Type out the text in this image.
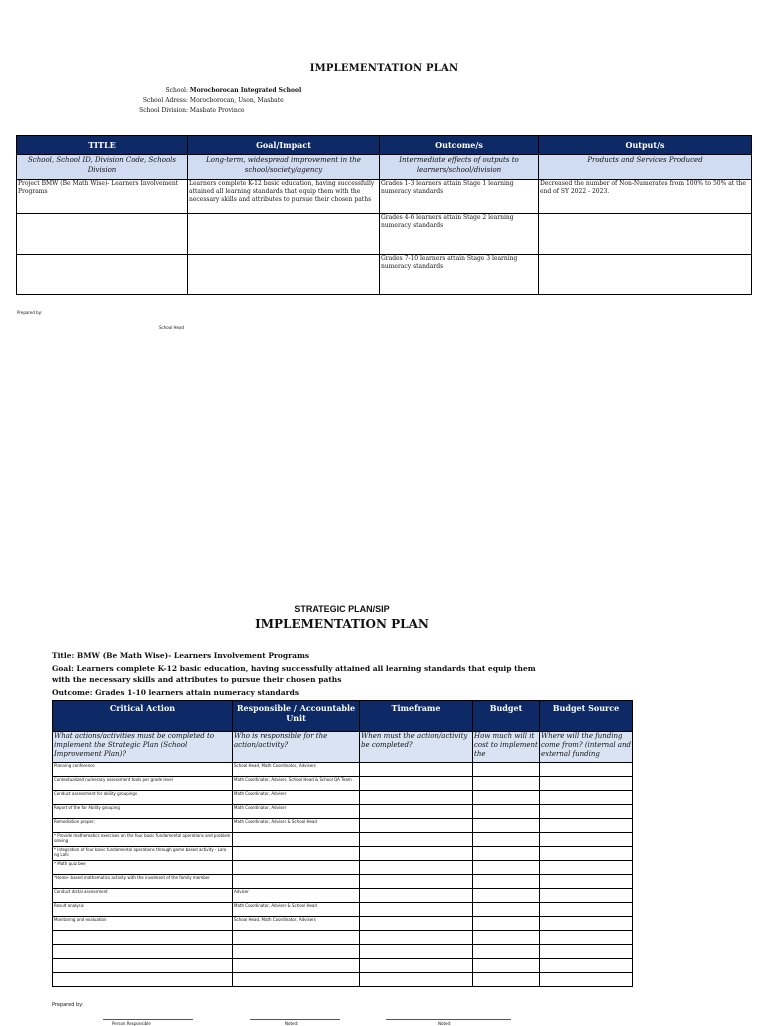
IMPLEMENTATION PLAN
School:
Morocborocan Integrated School
School Adress:
Morocborocan, Uson, Masbate
School Division:
Masbate Province
TITLE	Goal/Impact	Outcome/s	Output/s
School, School ID, Division Code, Schools Division	Long-term, widespread improvement in the school/society/agency	Intermediate effects of outputs to learners/school/division	Products and Services Produced
Project BMW (Be Math Wise)- Learners Involvement Programs	Learners complete K-12 basic education, having successfully attained all learning standards that equip them with the necessary skills and attributes to pursue their chosen paths	Grades 1-3 learners attain Stage 1 learning numeracy standards	Decreased the number of Non-Numerates from 100% to 50% at the end of SY 2022 - 2023.
		Grades 4-6 learners attain Stage 2 learning numeracy standards	
		Grades 7-10 learners attain Stage 3 learning numeracy standards	
Prepared by:
School Head
STRATEGIC PLAN/SIP
IMPLEMENTATION PLAN
Title: BMW (Be Math Wise)- Learners Involvement Programs
Goal: Learners complete K-12 basic education, having successfully attained all learning standards that equip them with the necessary skills and attributes to pursue their chosen paths
Outcome: Grades 1-10 learners attain numeracy standards
Critical Action	Responsible / Accountable Unit	Timeframe	Budget	Budget Source
What actions/activities must be completed to implement the Strategic Plan (School Improvement Plan)?	Who is responsible for the action/activity?	When must the action/activity be completed?	How much will it cost to implement the	Where will the funding come from? (internal and external funding
Planning conference	School Head, Math Coordinator, Advisers			
Contextualized numeracy assessment tools per grade level	Math Coordinator, Adviser, School Head & School QA Team			
Conduct assessment for ability groupings	Math Coordinator, Adviser			
Report of the for Ability grouping	Math Coordinator, Adviser			
Remediation proper;	Math Coordinator, Adviser & School Head			
* Provide mathematics exercises on the four basic fundamental operations and problem solving				
* Integration of four basic fundamental operations through game based activity - Laro ng Lahi				
* Math quiz bee				
*Home- based mathematics activity with the involment of the family member				
Conduct distal assessment	Adviser			
Result analysis	Math Coordinator, Adviser & School Head			
Monitoring and evaluation	School Head, Math Coordinator, Advisers			

Prepared by:
Person Responsible	Noted:	Noted:
